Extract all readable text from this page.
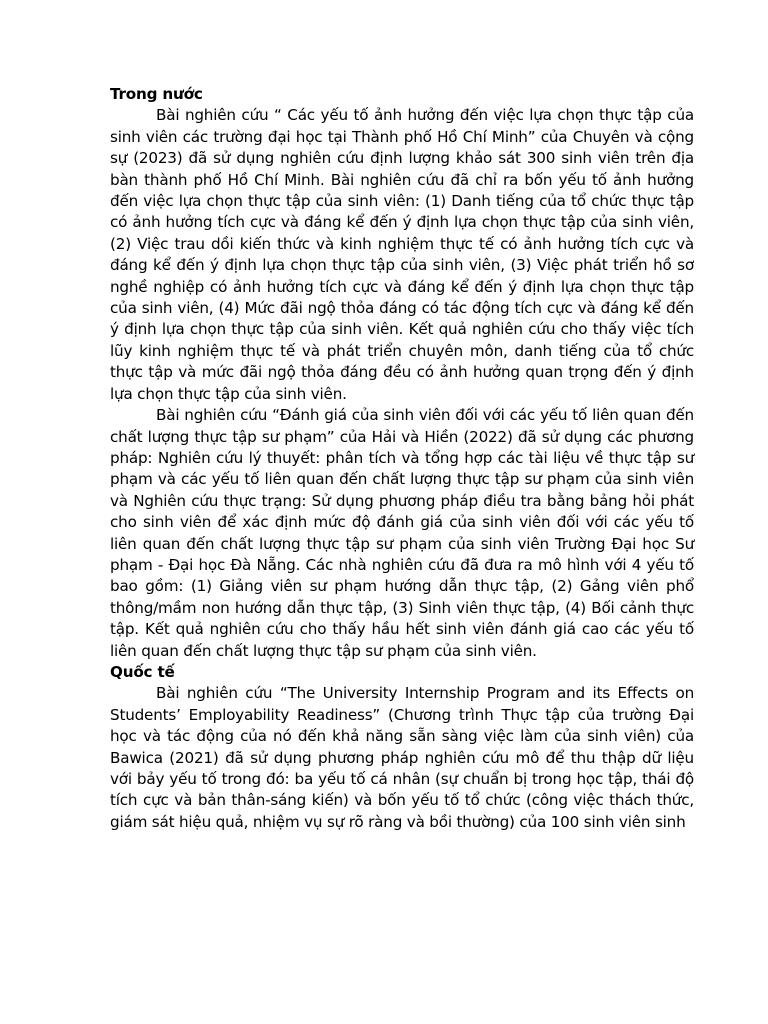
Trong nước

Bài nghiên cứu “ Các yếu tố ảnh hưởng đến việc lựa chọn thực tập của sinh viên các trường đại học tại Thành phố Hồ Chí Minh” của Chuyên và cộng sự (2023) đã sử dụng nghiên cứu định lượng khảo sát 300 sinh viên trên địa bàn thành phố Hồ Chí Minh. Bài nghiên cứu đã chỉ ra bốn yếu tố ảnh hưởng đến việc lựa chọn thực tập của sinh viên: (1) Danh tiếng của tổ chức thực tập có ảnh hưởng tích cực và đáng kể đến ý định lựa chọn thực tập của sinh viên, (2) Việc trau dồi kiến thức và kinh nghiệm thực tế có ảnh hưởng tích cực và đáng kể đến ý định lựa chọn thực tập của sinh viên, (3) Việc phát triển hồ sơ nghề nghiệp có ảnh hưởng tích cực và đáng kể đến ý định lựa chọn thực tập của sinh viên, (4) Mức đãi ngộ thỏa đáng có tác động tích cực và đáng kể đến ý định lựa chọn thực tập của sinh viên. Kết quả nghiên cứu cho thấy việc tích lũy kinh nghiệm thực tế và phát triển chuyên môn, danh tiếng của tổ chức thực tập và mức đãi ngộ thỏa đáng đều có ảnh hưởng quan trọng đến ý định lựa chọn thực tập của sinh viên.

Bài nghiên cứu “Đánh giá của sinh viên đối với các yếu tố liên quan đến chất lượng thực tập sư phạm” của Hải và Hiền (2022) đã sử dụng các phương pháp: Nghiên cứu lý thuyết: phân tích và tổng hợp các tài liệu về thực tập sư phạm và các yếu tố liên quan đến chất lượng thực tập sư phạm của sinh viên và Nghiên cứu thực trạng: Sử dụng phương pháp điều tra bằng bảng hỏi phát cho sinh viên để xác định mức độ đánh giá của sinh viên đối với các yếu tố liên quan đến chất lượng thực tập sư phạm của sinh viên Trường Đại học Sư phạm - Đại học Đà Nẵng. Các nhà nghiên cứu đã đưa ra mô hình với 4 yếu tố bao gồm: (1) Giảng viên sư phạm hướng dẫn thực tập, (2) Gảng viên phổ thông/mầm non hướng dẫn thực tập, (3) Sinh viên thực tập, (4) Bối cảnh thực tập. Kết quả nghiên cứu cho thấy hầu hết sinh viên đánh giá cao các yếu tố liên quan đến chất lượng thực tập sư phạm của sinh viên.

Quốc tế

Bài nghiên cứu “The University Internship Program and its Effects on Students’ Employability Readiness” (Chương trình Thực tập của trường Đại học và tác động của nó đến khả năng sẵn sàng việc làm của sinh viên) của Bawica (2021) đã sử dụng phương pháp nghiên cứu mô để thu thập dữ liệu với bảy yếu tố trong đó: ba yếu tố cá nhân (sự chuẩn bị trong học tập, thái độ tích cực và bản thân-sáng kiến) và bốn yếu tố tổ chức (công việc thách thức, giám sát hiệu quả, nhiệm vụ sự rõ ràng và bồi thường) của 100 sinh viên sinh
